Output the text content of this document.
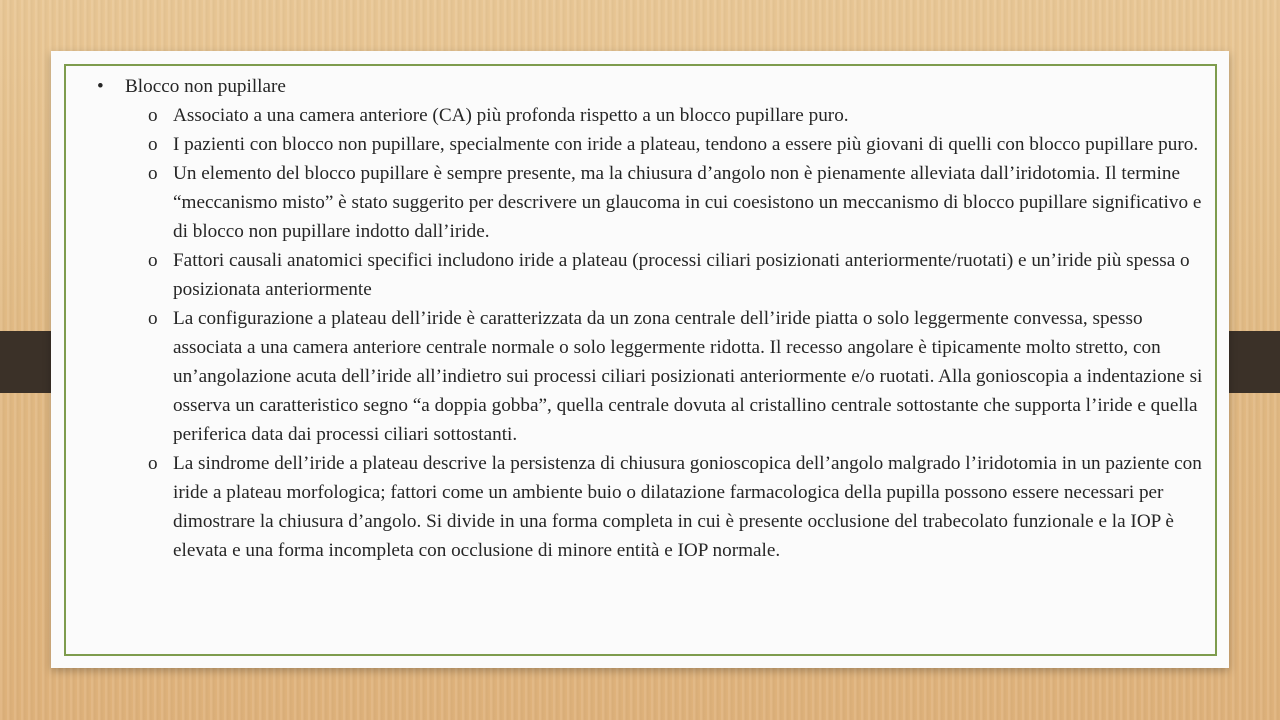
• Blocco non pupillare
o Associato a una camera anteriore (CA) più profonda rispetto a un blocco pupillare puro.
o I pazienti con blocco non pupillare, specialmente con iride a plateau, tendono a essere più giovani di quelli con blocco pupillare puro.
o Un elemento del blocco pupillare è sempre presente, ma la chiusura d’angolo non è pienamente alleviata dall’iridotomia. Il termine “meccanismo misto” è stato suggerito per descrivere un glaucoma in cui coesistono un meccanismo di blocco pupillare significativo e di blocco non pupillare indotto dall’iride.
o Fattori causali anatomici specifici includono iride a plateau (processi ciliari posizionati anteriormente/ruotati) e un’iride più spessa o posizionata anteriormente
o La configurazione a plateau dell’iride è caratterizzata da un zona centrale dell’iride piatta o solo leggermente convessa, spesso associata a una camera anteriore centrale normale o solo leggermente ridotta. Il recesso angolare è tipicamente molto stretto, con un’angolazione acuta dell’iride all’indietro sui processi ciliari posizionati anteriormente e/o ruotati. Alla gonioscopia a indentazione si osserva un caratteristico segno “a doppia gobba”, quella centrale dovuta al cristallino centrale sottostante che supporta l’iride e quella periferica data dai processi ciliari sottostanti.
o La sindrome dell’iride a plateau descrive la persistenza di chiusura gonioscopica dell’angolo malgrado l’iridotomia in un paziente con iride a plateau morfologica; fattori come un ambiente buio o dilatazione farmacologica della pupilla possono essere necessari per dimostrare la chiusura d’angolo. Si divide in una forma completa in cui è presente occlusione del trabecolato funzionale e la IOP è elevata e una forma incompleta con occlusione di minore entità e IOP normale.
